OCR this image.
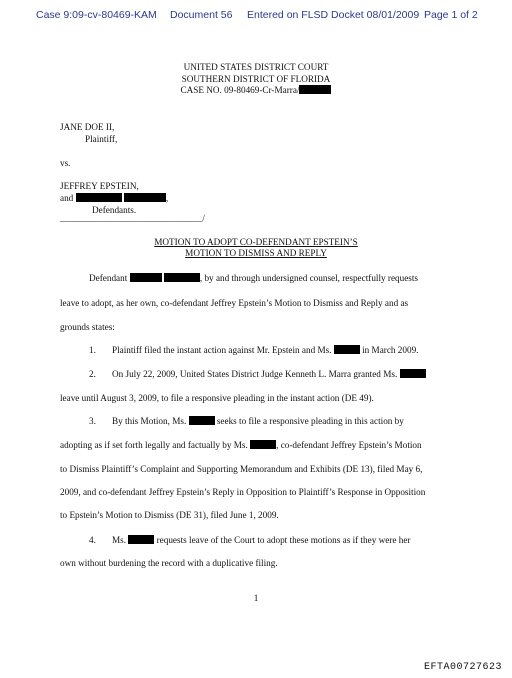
Case 9:09-cv-80469-KAM Document 56 Entered on FLSD Docket 08/01/2009 Page 1 of 2
UNITED STATES DISTRICT COURT
SOUTHERN DISTRICT OF FLORIDA
CASE NO. 09-80469-Cr-Marra/
JANE DOE II,
Plaintiff,
vs.
JEFFREY EPSTEIN,
and	,
Defendants.
_______________________________/
MOTION TO ADOPT CO-DEFENDANT EPSTEIN’S
MOTION TO DISMISS AND REPLY
Defendant	, by and through undersigned counsel, respectfully requests
leave to adopt, as her own, co-defendant Jeffrey Epstein’s Motion to Dismiss and Reply and as
grounds states:
1. Plaintiff filed the instant action against Mr. Epstein and Ms.	in March 2009.
2. On July 22, 2009, United States District Judge Kenneth L. Marra granted Ms.
leave until August 3, 2009, to file a responsive pleading in the instant action (DE 49).
3. By this Motion, Ms.	seeks to file a responsive pleading in this action by
adopting as if set forth legally and factually by Ms.	, co-defendant Jeffrey Epstein’s Motion
to Dismiss Plaintiff’s Complaint and Supporting Memorandum and Exhibits (DE 13), filed May 6,
2009, and co-defendant Jeffrey Epstein’s Reply in Opposition to Plaintiff’s Response in Opposition
to Epstein’s Motion to Dismiss (DE 31), filed June 1, 2009.
4. Ms.	requests leave of the Court to adopt these motions as if they were her
own without burdening the record with a duplicative filing.
1
EFTA00727623
